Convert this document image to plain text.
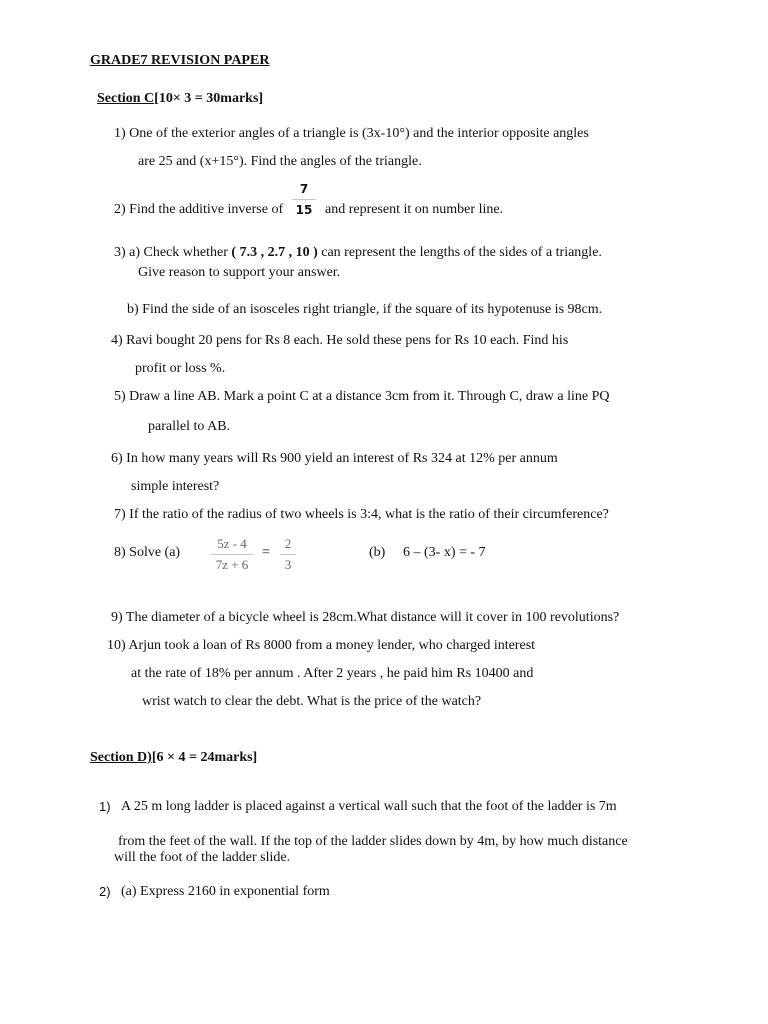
GRADE7 REVISION PAPER
Section C[10× 3 = 30marks]
1) One of the exterior angles of a triangle is (3x-10°) and the interior opposite angles
are 25 and (x+15°). Find the angles of the triangle.
2) Find the additive inverse of
7
15 and represent it on number line.
3) a) Check whether ( 7.3 , 2.7 , 10 ) can represent the lengths of the sides of a triangle.
Give reason to support your answer.
b) Find the side of an isosceles right triangle, if the square of its hypotenuse is 98cm.
4) Ravi bought 20 pens for Rs 8 each. He sold these pens for Rs 10 each. Find his
profit or loss %.
5) Draw a line AB. Mark a point C at a distance 3cm from it. Through C, draw a line PQ
parallel to AB.
6) In how many years will Rs 900 yield an interest of Rs 324 at 12% per annum
simple interest?
7) If the ratio of the radius of two wheels is 3:4, what is the ratio of their circumference?
8) Solve (a)
5z - 4
7z + 6
=
2
3
(b) 6 – (3- x) = - 7
9) The diameter of a bicycle wheel is 28cm.What distance will it cover in 100 revolutions?
10) Arjun took a loan of Rs 8000 from a money lender, who charged interest
at the rate of 18% per annum . After 2 years , he paid him Rs 10400 and
wrist watch to clear the debt. What is the price of the watch?
Section D)[6 × 4 = 24marks]
1) A 25 m long ladder is placed against a vertical wall such that the foot of the ladder is 7m
from the feet of the wall. If the top of the ladder slides down by 4m, by how much distance
will the foot of the ladder slide.
2) (a) Express 2160 in exponential form
